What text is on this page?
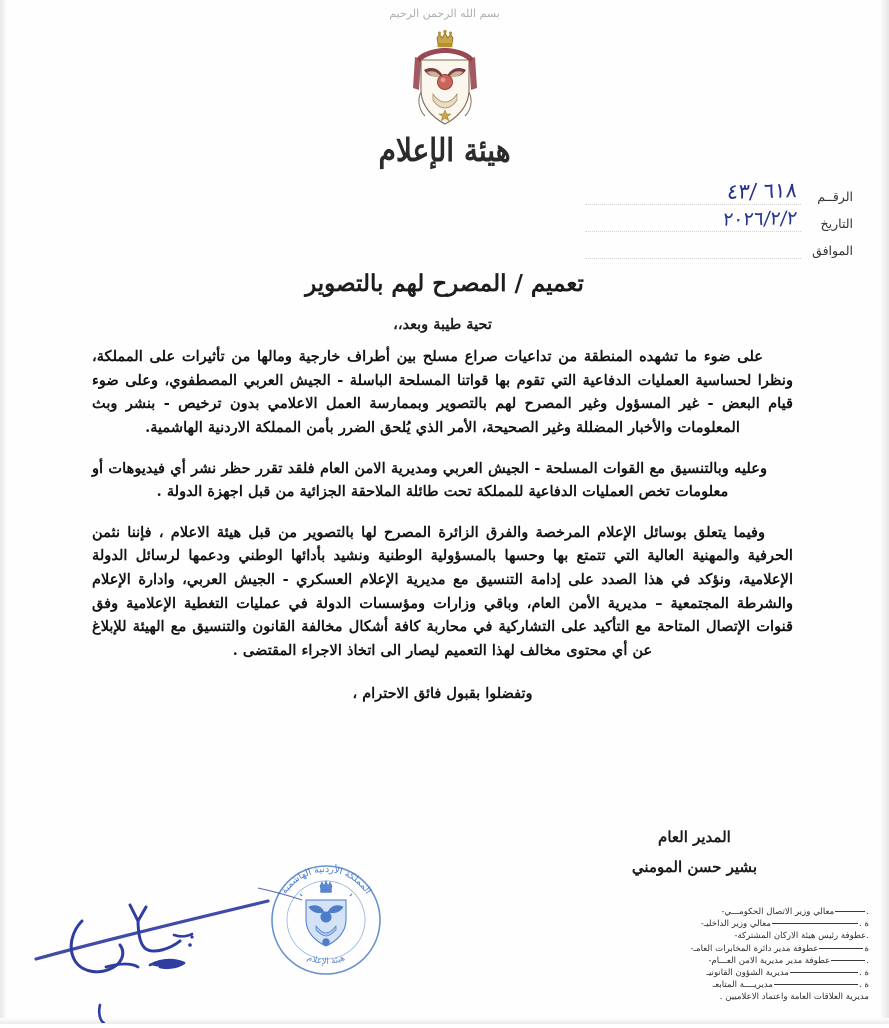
بسم الله الرحمن الرحيم
هيئة الإعلام
الرقــم
٦١٨ /٤٣
التاريخ
٢٠٢٦/٢/٢
الموافق
تعميم / المصرح لهم بالتصوير
تحية طيبة وبعد،،

على ضوء ما تشهده المنطقة من تداعيات صراع مسلح بين أطراف خارجية ومالها من تأثيرات على المملكة، ونظرا لحساسية العمليات الدفاعية التي تقوم بها قواتنا المسلحة الباسلة - الجيش العربي المصطفوي، وعلى ضوء قيام البعض - غير المسؤول وغير المصرح لهم بالتصوير وبممارسة العمل الاعلامي بدون ترخيص - بنشر وبث المعلومات والأخبار المضللة وغير الصحيحة، الأمر الذي يُلحق الضرر بأمن المملكة الاردنية الهاشمية.

وعليه وبالتنسيق مع القوات المسلحة - الجيش العربي ومديرية الامن العام فلقد تقرر حظر نشر أي فيديوهات أو معلومات تخص العمليات الدفاعية للمملكة تحت طائلة الملاحقة الجزائية من قبل اجهزة الدولة .

وفيما يتعلق بوسائل الإعلام المرخصة والفرق الزائرة المصرح لها بالتصوير من قبل هيئة الاعلام ، فإننا نثمن الحرفية والمهنية العالية التي تتمتع بها وحسها بالمسؤولية الوطنية ونشيد بأدائها الوطني ودعمها لرسائل الدولة الإعلامية، ونؤكد في هذا الصدد على إدامة التنسيق مع مديرية الإعلام العسكري - الجيش العربي، وادارة الإعلام والشرطة المجتمعية – مديرية الأمن العام، وباقي وزارات ومؤسسات الدولة في عمليات التغطية الإعلامية وفق قنوات الإتصال المتاحة مع التأكيد على التشاركية في محاربة كافة أشكال مخالفة القانون والتنسيق مع الهيئة للإبلاغ عن أي محتوى مخالف لهذا التعميم ليصار الى اتخاذ الاجراء المقتضى .

وتفضلوا بقبول فائق الاحترام ،
المدير العام
بشير حسن المومني
المملكة الأردنية الهاشمية
هيئة الإعلام
.معالي وزير الاتصال الحكومـــي-
ة .معالي وزير الداخليـ-
.عطوفة رئيس هيئة الاركان المشتركة-
ةعطوفة مدير دائرة المخابرات العامـ-
.عطوفة مدير مديرية الامن العـــام-
ة .مديرية الشؤون القانونيـ
ة .مديريــــة المتابعـ
مديرية العلاقات العامة واعتماد الاعلاميين .
